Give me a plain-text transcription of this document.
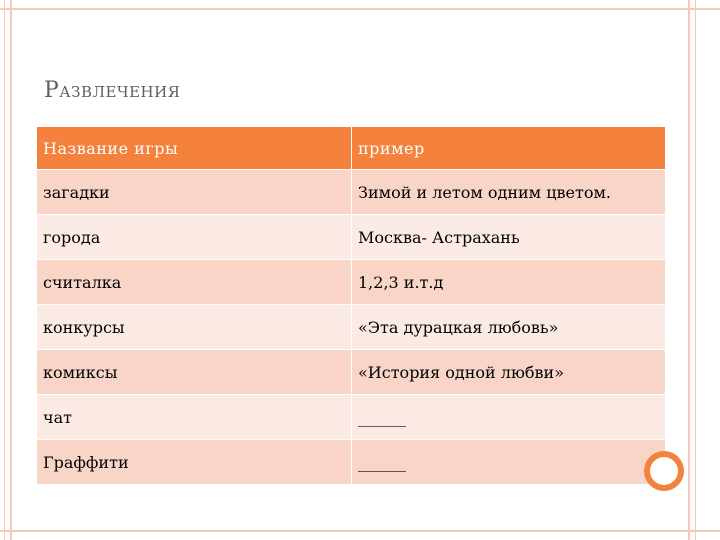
Развлечения
Название игры	пример
загадки	Зимой и летом одним цветом.
города	Москва- Астрахань
считалка	1,2,3 и.т.д
конкурсы	«Эта дурацкая любовь»
комиксы	«История одной любви»
чат	______
Граффити	______
